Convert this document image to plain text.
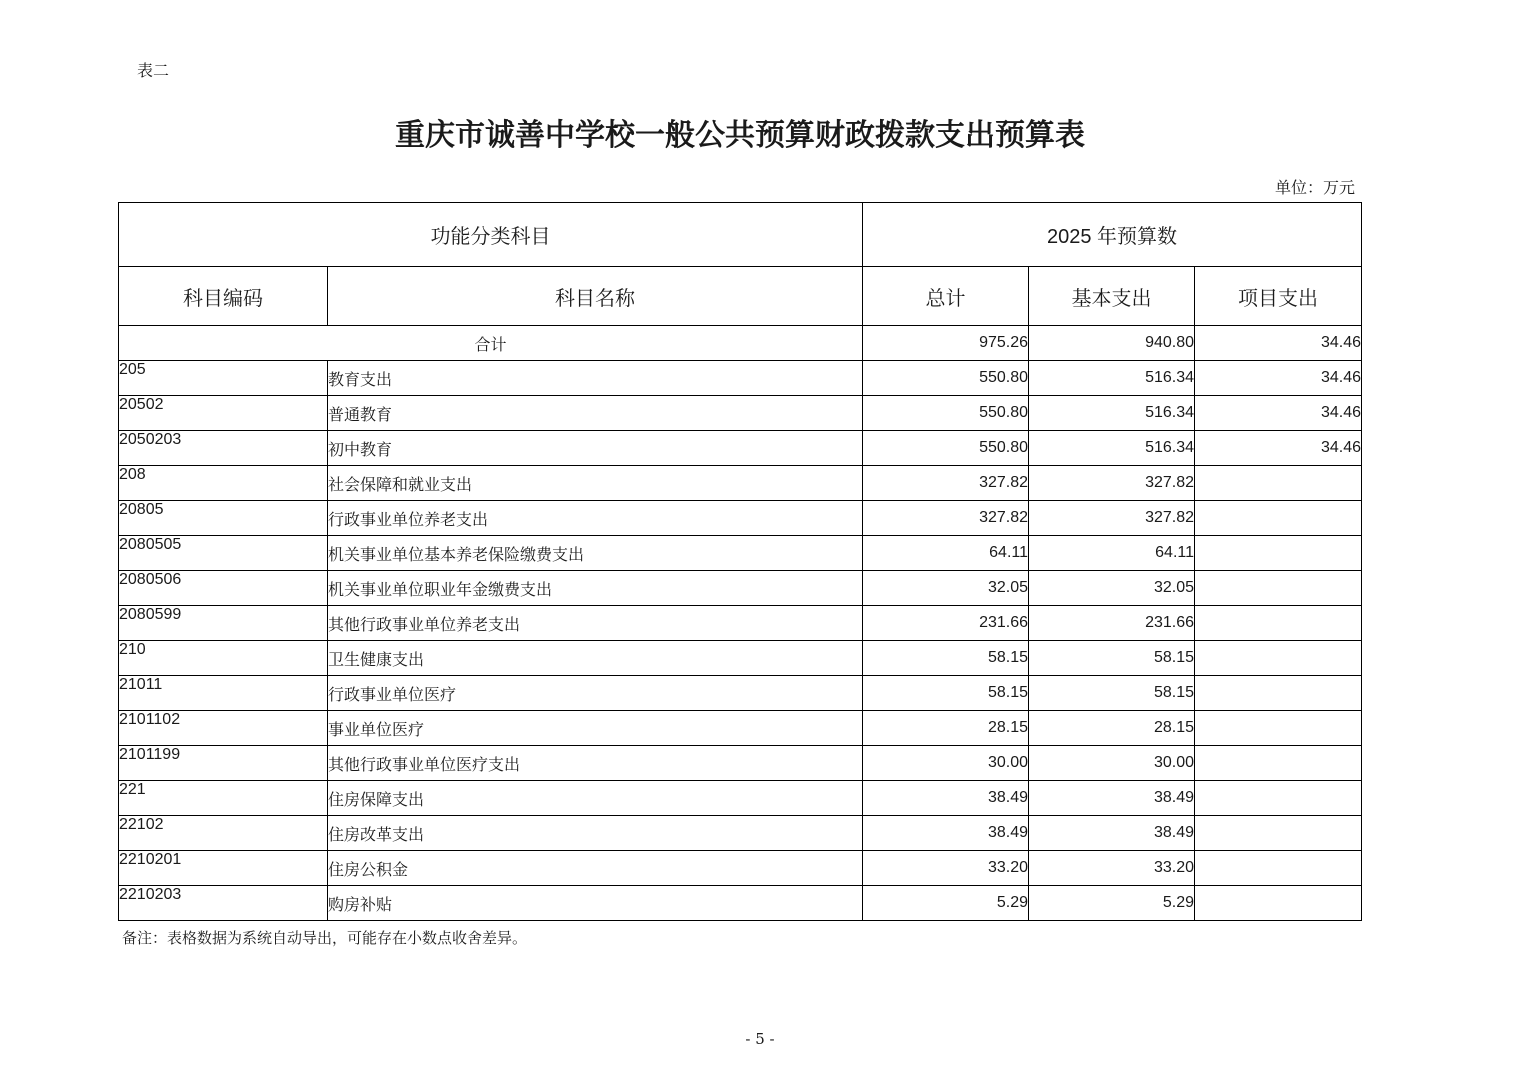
表二
重庆市诚善中学校一般公共预算财政拨款支出预算表
单位：万元
功能分类科目		2025 年预算数		
科目编码	科目名称	总计	基本支出	项目支出
合计		975.26	940.80	34.46
205	教育支出	550.80	516.34	34.46
20502	普通教育	550.80	516.34	34.46
2050203	初中教育	550.80	516.34	34.46
208	社会保障和就业支出	327.82	327.82	
20805	行政事业单位养老支出	327.82	327.82	
2080505	机关事业单位基本养老保险缴费支出	64.11	64.11	
2080506	机关事业单位职业年金缴费支出	32.05	32.05	
2080599	其他行政事业单位养老支出	231.66	231.66	
210	卫生健康支出	58.15	58.15	
21011	行政事业单位医疗	58.15	58.15	
2101102	事业单位医疗	28.15	28.15	
2101199	其他行政事业单位医疗支出	30.00	30.00	
221	住房保障支出	38.49	38.49	
22102	住房改革支出	38.49	38.49	
2210201	住房公积金	33.20	33.20	
2210203	购房补贴	5.29	5.29	
备注：表格数据为系统自动导出，可能存在小数点收舍差异。
- 5 -
